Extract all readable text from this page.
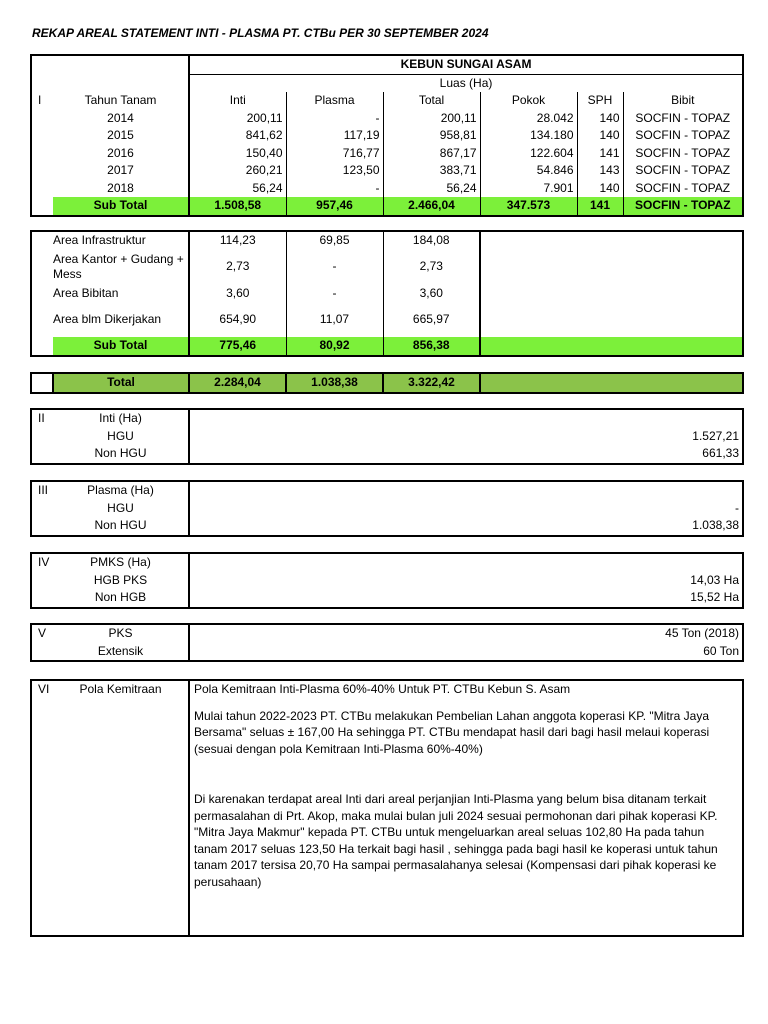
REKAP AREAL STATEMENT INTI - PLASMA PT. CTBu PER 30 SEPTEMBER 2024
		KEBUN SUNGAI ASAM					
		Luas (Ha)					
I	Tahun Tanam	Inti	Plasma	Total	Pokok	SPH	Bibit
	2014	200,11	-	200,11	28.042	140	SOCFIN - TOPAZ
	2015	841,62	117,19	958,81	134.180	140	SOCFIN - TOPAZ
	2016	150,40	716,77	867,17	122.604	141	SOCFIN - TOPAZ
	2017	260,21	123,50	383,71	54.846	143	SOCFIN - TOPAZ
	2018	56,24	-	56,24	7.901	140	SOCFIN - TOPAZ
	Sub Total	1.508,58	957,46	2.466,04	347.573	141	SOCFIN - TOPAZ
	Area Infrastruktur	114,23	69,85	184,08	
	Area Kantor + Gudang + Mess	2,73	-	2,73	
	Area Bibitan	3,60	-	3,60	
	Area blm Dikerjakan	654,90	11,07	665,97	
	Sub Total	775,46	80,92	856,38	
	Total	2.284,04	1.038,38	3.322,42	
II	Inti (Ha)	
	HGU	1.527,21
	Non HGU	661,33
III	Plasma (Ha)	
	HGU	-
	Non HGU	1.038,38
IV	PMKS (Ha)	
	HGB PKS	14,03 Ha
	Non HGB	15,52 Ha
V	PKS	45 Ton (2018)
	Extensik	60 Ton
VI	Pola Kemitraan	Pola Kemitraan Inti-Plasma 60%-40% Untuk PT. CTBu Kebun S. Asam

Mulai tahun 2022-2023 PT. CTBu melakukan Pembelian Lahan anggota koperasi KP. "Mitra Jaya Bersama" seluas ± 167,00 Ha sehingga PT. CTBu mendapat hasil dari bagi hasil melaui koperasi (sesuai dengan pola Kemitraan Inti-Plasma 60%-40%)

Di karenakan terdapat areal Inti dari areal perjanjian Inti-Plasma yang belum bisa ditanam terkait permasalahan di Prt. Akop, maka mulai bulan juli 2024 sesuai permohonan dari pihak koperasi KP. "Mitra Jaya Makmur" kepada PT. CTBu untuk mengeluarkan areal seluas 102,80 Ha pada tahun tanam 2017 seluas 123,50 Ha terkait bagi hasil , sehingga pada bagi hasil ke koperasi untuk tahun tanam 2017 tersisa 20,70 Ha sampai permasalahanya selesai (Kompensasi dari pihak koperasi ke perusahaan)
